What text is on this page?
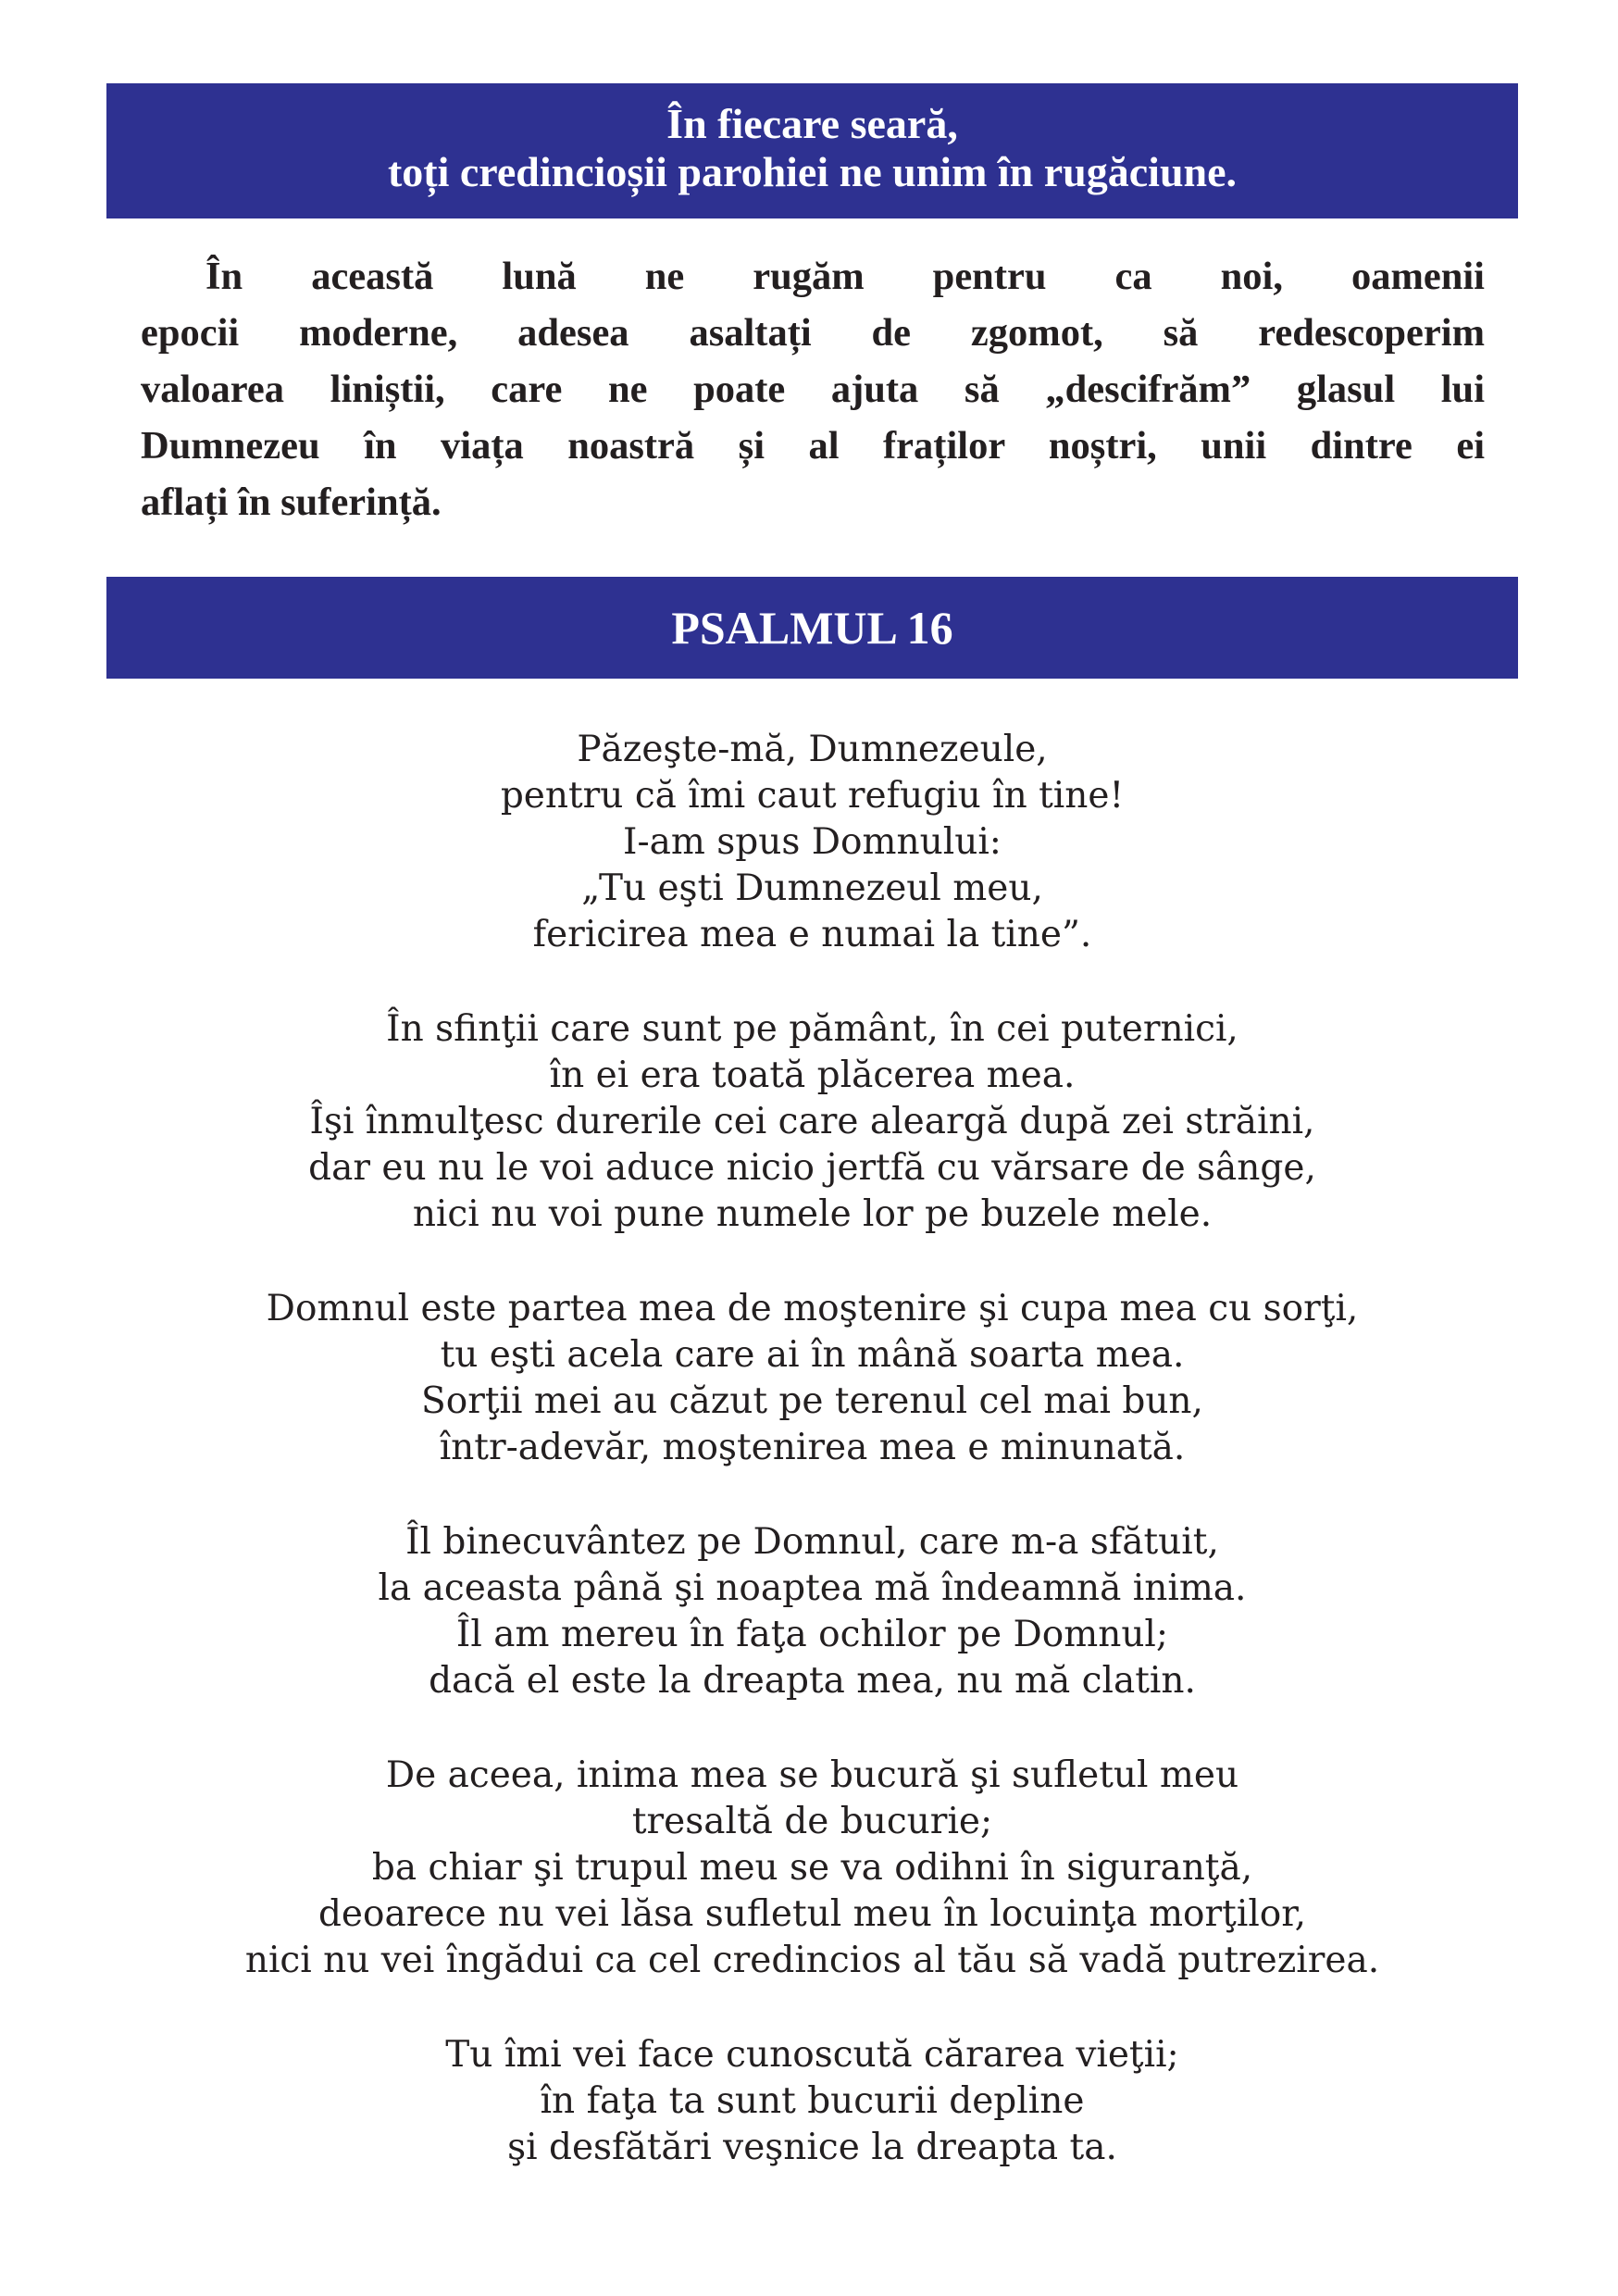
În fiecare seară,
toți credincioșii parohiei ne unim în rugăciune.

În această lună ne rugăm pentru ca noi, oamenii
epocii moderne, adesea asaltați de zgomot, să redescoperim
valoarea liniștii, care ne poate ajuta să „descifrăm” glasul lui
Dumnezeu în viața noastră și al fraților noștri, unii dintre ei
aflați în suferință.

PSALMUL 16
Păzeşte-mă, Dumnezeule,
pentru că îmi caut refugiu în tine!
I-am spus Domnului:
„Tu eşti Dumnezeul meu,
fericirea mea e numai la tine”.
În sfinţii care sunt pe pământ, în cei puternici,
în ei era toată plăcerea mea.
Îşi înmulţesc durerile cei care aleargă după zei străini,
dar eu nu le voi aduce nicio jertfă cu vărsare de sânge,
nici nu voi pune numele lor pe buzele mele.
Domnul este partea mea de moştenire şi cupa mea cu sorţi,
tu eşti acela care ai în mână soarta mea.
Sorţii mei au căzut pe terenul cel mai bun,
într-adevăr, moştenirea mea e minunată.
Îl binecuvântez pe Domnul, care m-a sfătuit,
la aceasta până şi noaptea mă îndeamnă inima.
Îl am mereu în faţa ochilor pe Domnul;
dacă el este la dreapta mea, nu mă clatin.
De aceea, inima mea se bucură şi sufletul meu
tresaltă de bucurie;
ba chiar şi trupul meu se va odihni în siguranţă,
deoarece nu vei lăsa sufletul meu în locuinţa morţilor,
nici nu vei îngădui ca cel credincios al tău să vadă putrezirea.
Tu îmi vei face cunoscută cărarea vieţii;
în faţa ta sunt bucurii depline
şi desfătări veşnice la dreapta ta.
